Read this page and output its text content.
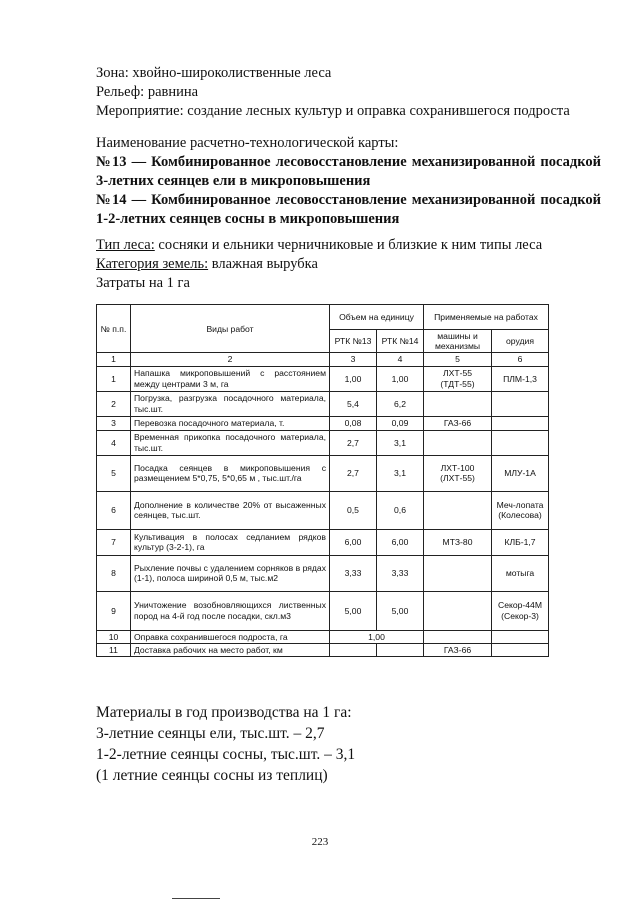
Зона: хвойно-широколиственные леса
Рельеф: равнина
Мероприятие: создание лесных культур и оправка сохранившегося подроста
Наименование расчетно-технологической карты:
№13 — Комбинированное лесовосстановление механизированной посадкой 3-летних сеянцев ели в микроповышения
№14 — Комбинированное лесовосстановление механизированной посадкой 1-2-летних сеянцев сосны в микроповышения
Тип леса: сосняки и ельники черничниковые и близкие к ним типы леса
Категория земель: влажная вырубка
Затраты на 1 га
№ п.п.	Виды работ	Объем на единицу		Применяемые на работах	
		РТК №13	РТК №14	машины и механизмы	орудия
1	2	3	4	5	6
1	Напашка микроповышений с расстоянием между центрами 3 м, га	1,00	1,00	ЛХТ-55 (ТДТ-55)	ПЛМ-1,3
2	Погрузка, разгрузка посадочного материала, тыс.шт.	5,4	6,2		
3	Перевозка посадочного материала, т.	0,08	0,09	ГАЗ-66	
4	Временная прикопка посадочного материала, тыс.шт.	2,7	3,1		
5	Посадка сеянцев в микроповышения с размещением 5*0,75, 5*0,65 м , тыс.шт./га	2,7	3,1	ЛХТ-100 (ЛХТ-55)	МЛУ-1А
6	Дополнение в количестве 20% от высаженных сеянцев, тыс.шт.	0,5	0,6		Меч-лопата (Колесова)
7	Культивация в полосах седланием рядков культур (3-2-1), га	6,00	6,00	МТЗ-80	КЛБ-1,7
8	Рыхление почвы с удалением сорняков в рядах (1-1), полоса шириной 0,5 м, тыс.м2	3,33	3,33		мотыга
9	Уничтожение возобновляющихся лиственных пород на 4-й год после посадки, скл.м3	5,00	5,00		Секор-44М (Секор-3)
10	Оправка сохранившегося подроста, га	1,00			
11	Доставка рабочих на место работ, км			ГАЗ-66	
Материалы в год производства на 1 га:
3-летние сеянцы ели, тыс.шт. – 2,7
1-2-летние сеянцы сосны, тыс.шт. – 3,1
(1 летние сеянцы сосны из теплиц)
223
